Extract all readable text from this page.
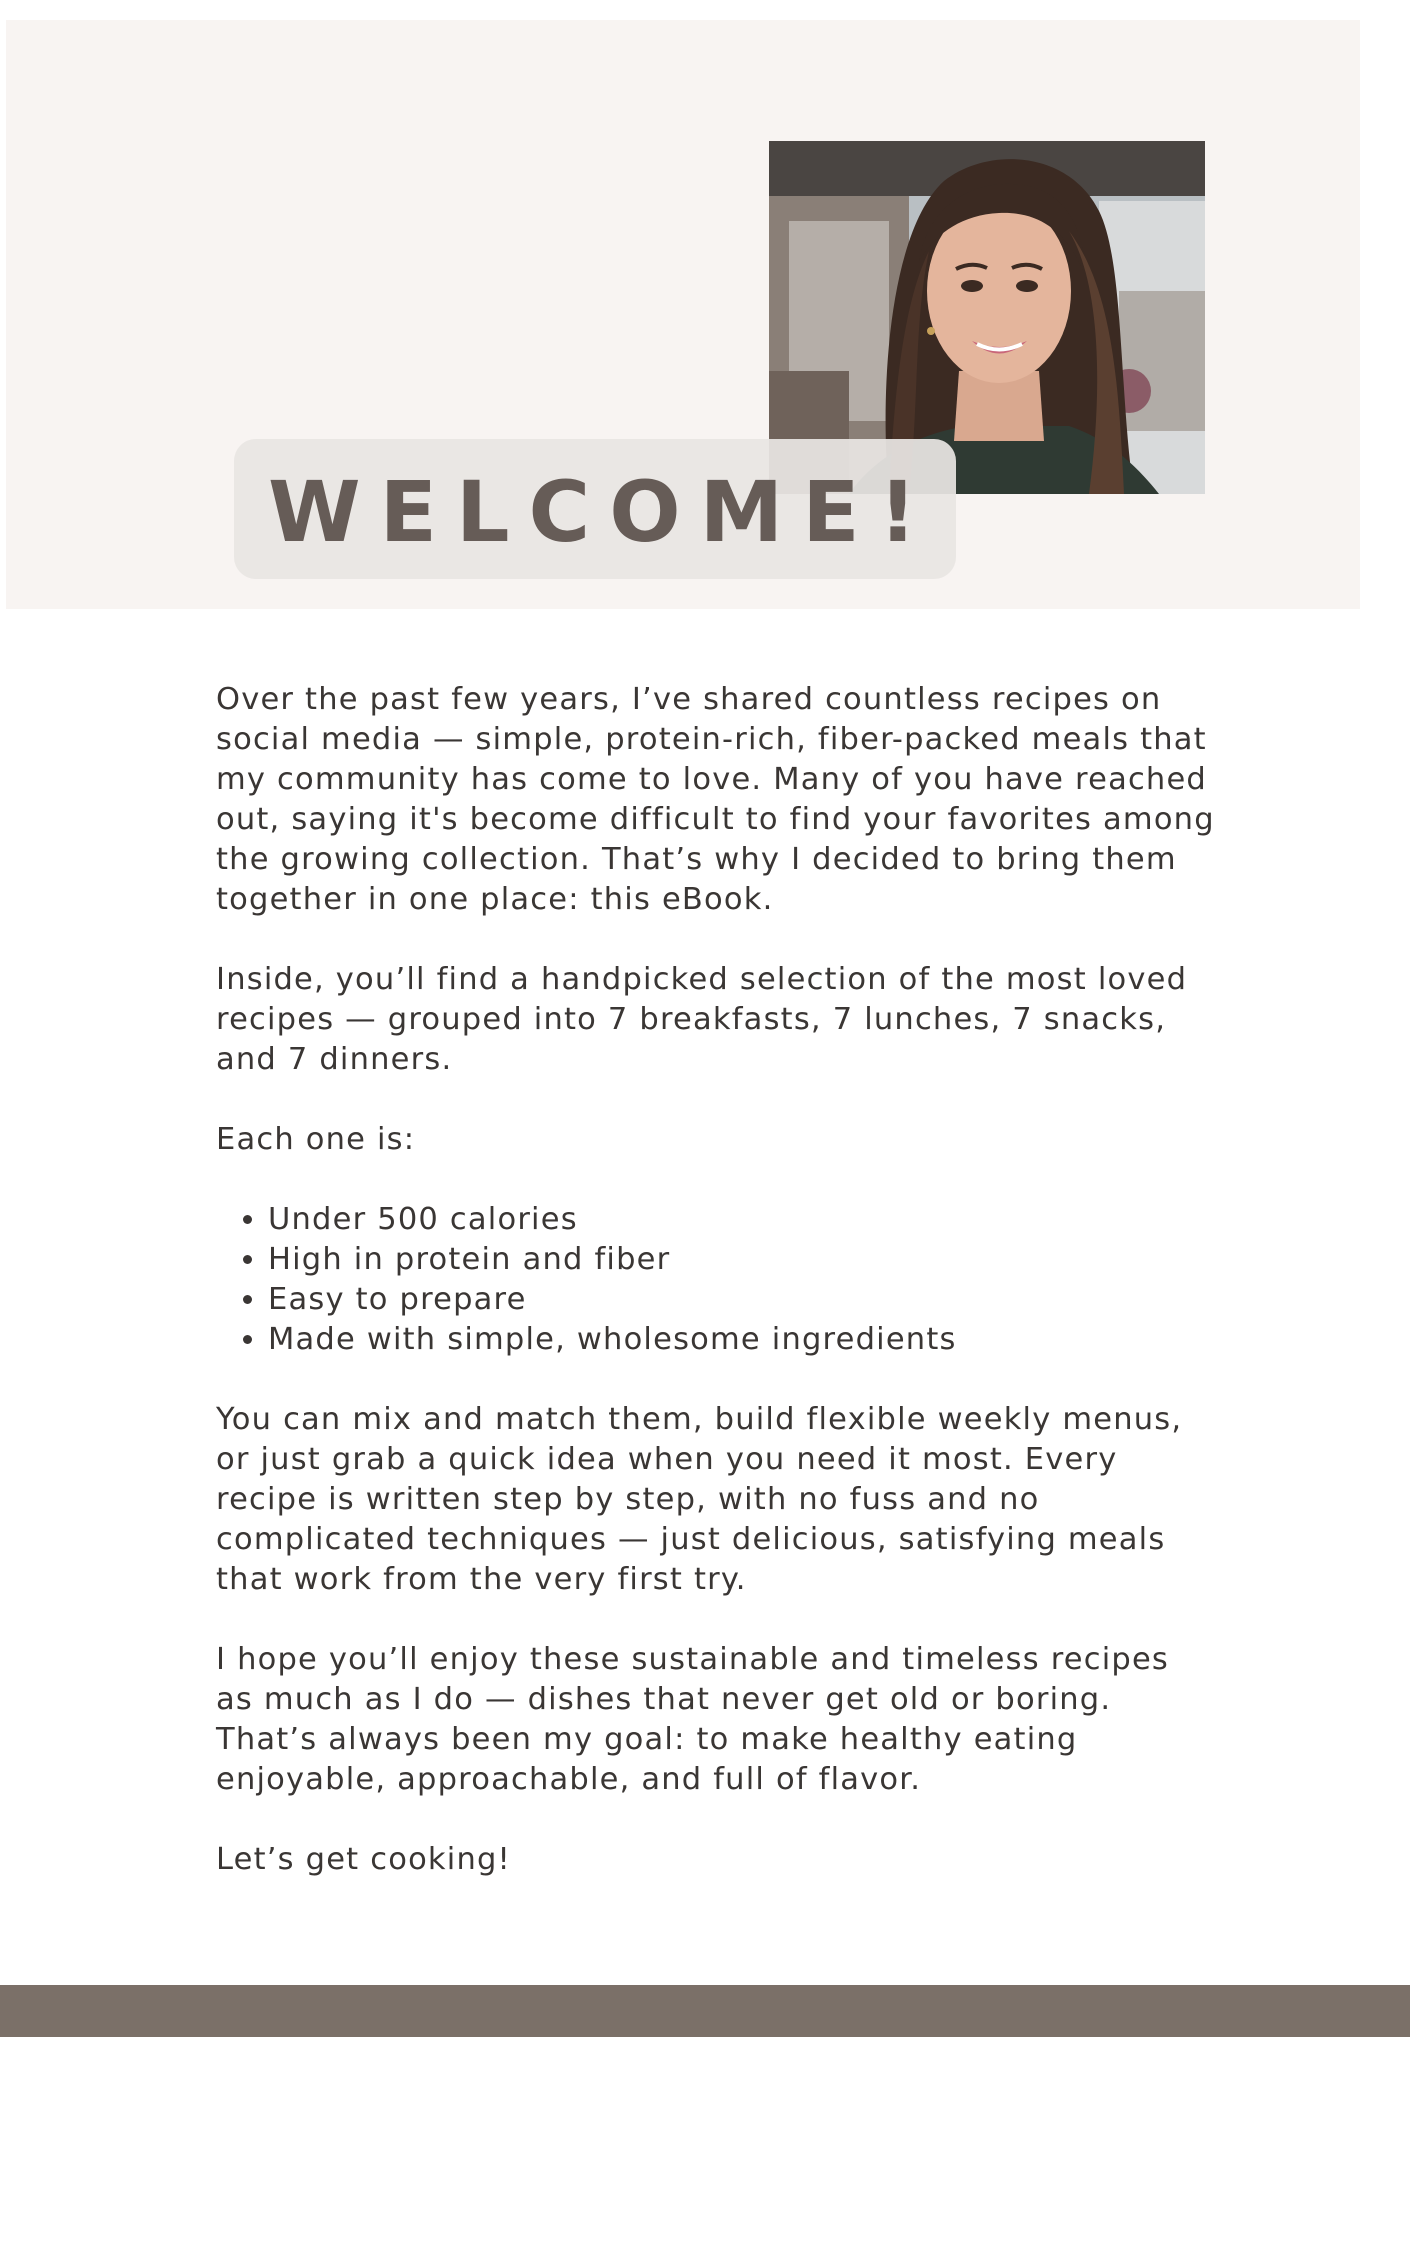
WELCOME!

Over the past few years, I’ve shared countless recipes on social media — simple, protein-rich, fiber-packed meals that my community has come to love. Many of you have reached out, saying it's become difficult to find your favorites among the growing collection. That’s why I decided to bring them together in one place: this eBook.

Inside, you’ll find a handpicked selection of the most loved recipes — grouped into 7 breakfasts, 7 lunches, 7 snacks, and 7 dinners.

Each one is:

• Under 500 calories
• High in protein and fiber
• Easy to prepare
• Made with simple, wholesome ingredients

You can mix and match them, build flexible weekly menus, or just grab a quick idea when you need it most. Every recipe is written step by step, with no fuss and no complicated techniques — just delicious, satisfying meals that work from the very first try.

I hope you’ll enjoy these sustainable and timeless recipes as much as I do — dishes that never get old or boring. That’s always been my goal: to make healthy eating enjoyable, approachable, and full of flavor.

Let’s get cooking!
